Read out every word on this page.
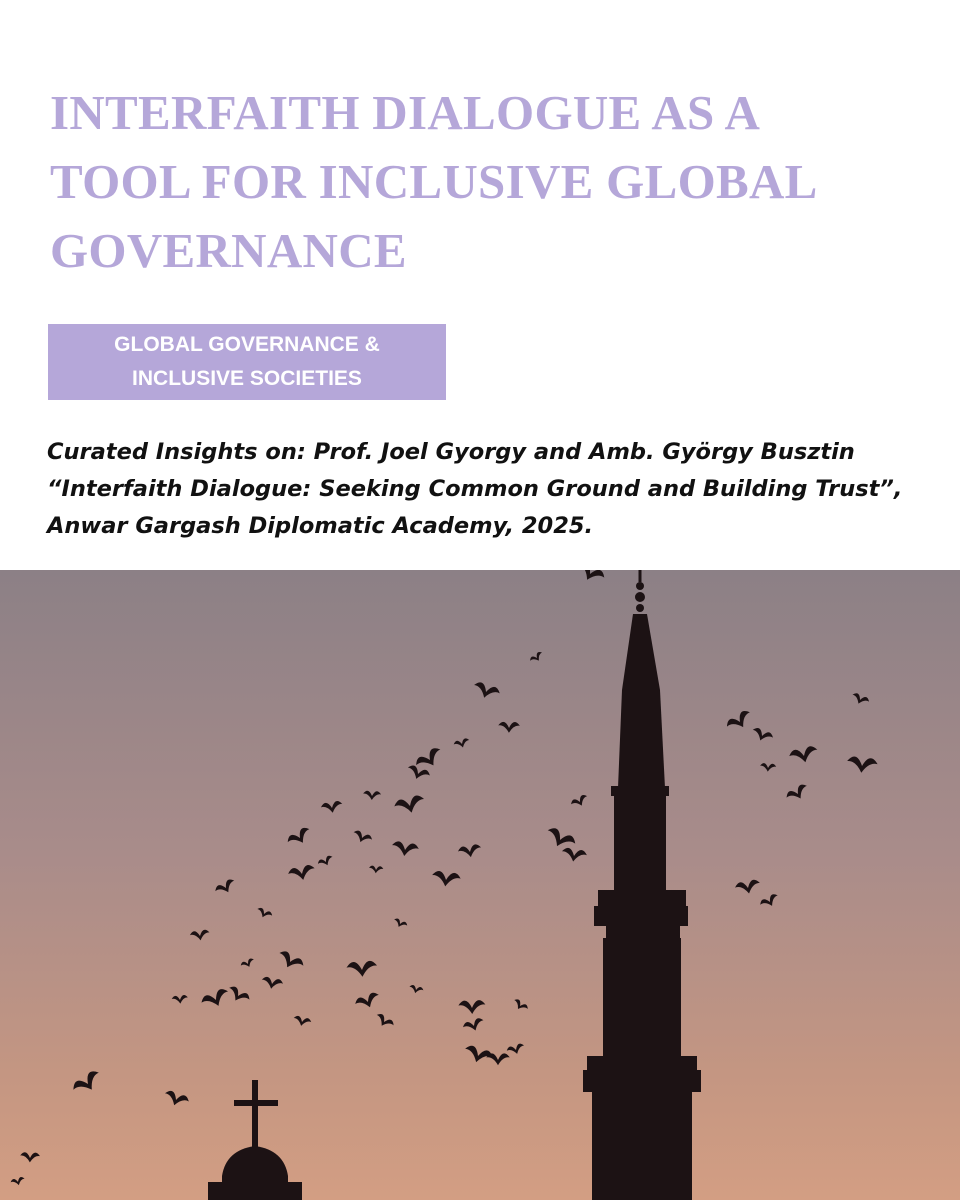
INTERFAITH DIALOGUE AS A
TOOL FOR INCLUSIVE GLOBAL
GOVERNANCE
GLOBAL GOVERNANCE &
INCLUSIVE SOCIETIES

Curated Insights on: Prof. Joel Gyorgy and Amb. György Busztin
“Interfaith Dialogue: Seeking Common Ground and Building Trust”,
Anwar Gargash Diplomatic Academy, 2025.
